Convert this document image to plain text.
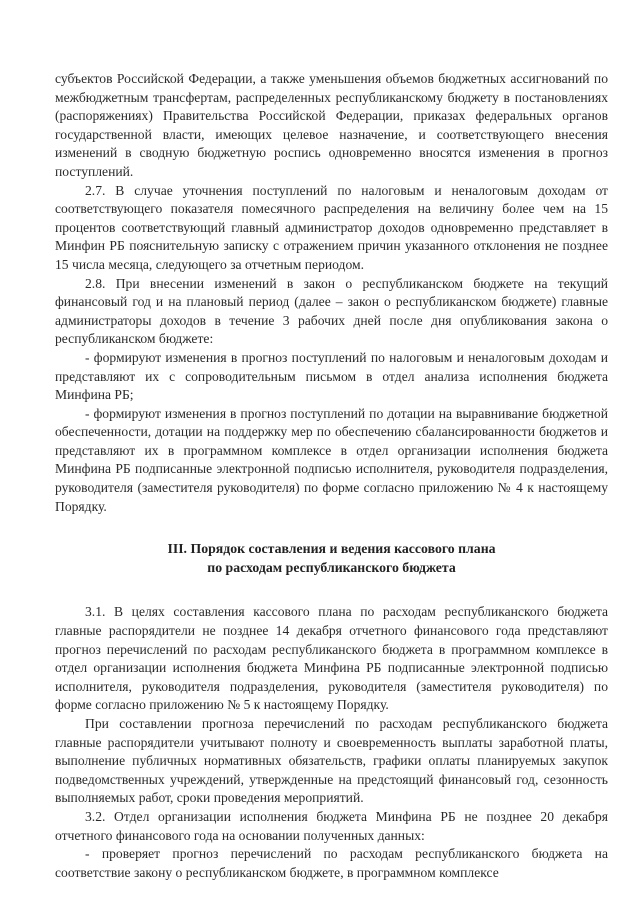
субъектов Российской Федерации, а также уменьшения объемов бюджетных ассигнований по межбюджетным трансфертам, распределенных республиканскому бюджету в постановлениях (распоряжениях) Правительства Российской Федерации, приказах федеральных органов государственной власти, имеющих целевое назначение, и соответствующего внесения изменений в сводную бюджетную роспись одновременно вносятся изменения в прогноз поступлений.

2.7. В случае уточнения поступлений по налоговым и неналоговым доходам от соответствующего показателя помесячного распределения на величину более чем на 15 процентов соответствующий главный администратор доходов одновременно представляет в Минфин РБ пояснительную записку с отражением причин указанного отклонения не позднее 15 числа месяца, следующего за отчетным периодом.

2.8. При внесении изменений в закон о республиканском бюджете на текущий финансовый год и на плановый период (далее – закон о республиканском бюджете) главные администраторы доходов в течение 3 рабочих дней после дня опубликования закона о республиканском бюджете:

- формируют изменения в прогноз поступлений по налоговым и неналоговым доходам и представляют их с сопроводительным письмом в отдел анализа исполнения бюджета Минфина РБ;

- формируют изменения в прогноз поступлений по дотации на выравнивание бюджетной обеспеченности, дотации на поддержку мер по обеспечению сбалансированности бюджетов и представляют их в программном комплексе в отдел организации исполнения бюджета Минфина РБ подписанные электронной подписью исполнителя, руководителя подразделения, руководителя (заместителя руководителя) по форме согласно приложению № 4 к настоящему Порядку.

III. Порядок составления и ведения кассового плана
по расходам республиканского бюджета

3.1. В целях составления кассового плана по расходам республиканского бюджета главные распорядители не позднее 14 декабря отчетного финансового года представляют прогноз перечислений по расходам республиканского бюджета в программном комплексе в отдел организации исполнения бюджета Минфина РБ подписанные электронной подписью исполнителя, руководителя подразделения, руководителя (заместителя руководителя) по форме согласно приложению № 5 к настоящему Порядку.

При составлении прогноза перечислений по расходам республиканского бюджета главные распорядители учитывают полноту и своевременность выплаты заработной платы, выполнение публичных нормативных обязательств, графики оплаты планируемых закупок подведомственных учреждений, утвержденные на предстоящий финансовый год, сезонность выполняемых работ, сроки проведения мероприятий.

3.2. Отдел организации исполнения бюджета Минфина РБ не позднее 20 декабря отчетного финансового года на основании полученных данных:

- проверяет прогноз перечислений по расходам республиканского бюджета на соответствие закону о республиканском бюджете, в программном комплексе
